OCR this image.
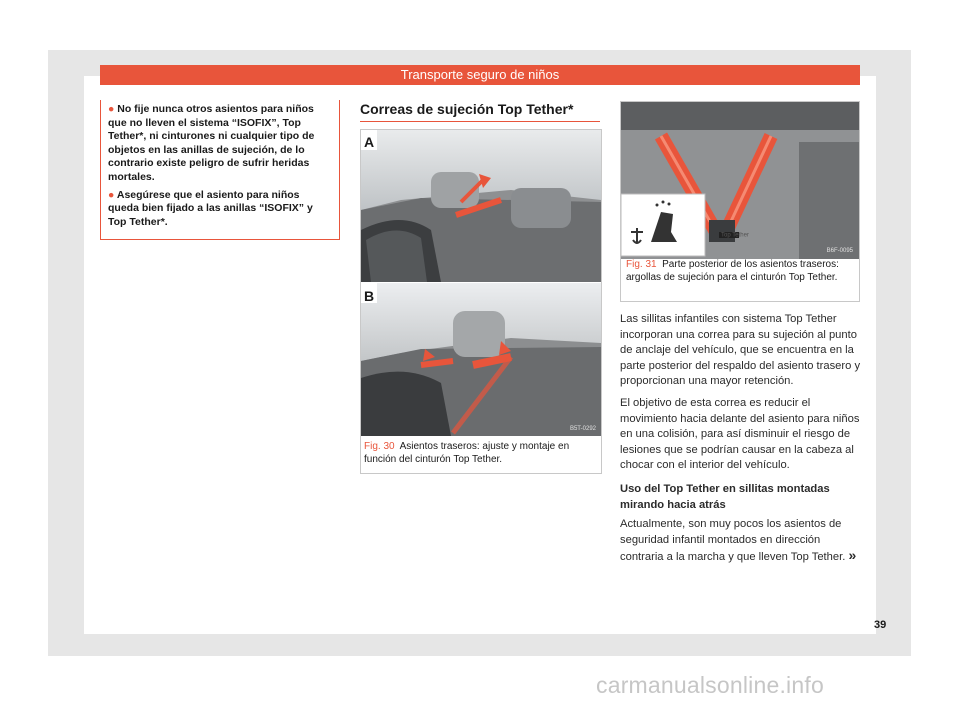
Transporte seguro de niños

● No fije nunca otros asientos para niños que no lleven el sistema “ISOFIX”, Top Tether*, ni cinturones ni cualquier tipo de objetos en las anillas de sujeción, de lo contrario existe peligro de sufrir heridas mortales.

● Asegúrese que el asiento para niños queda bien fijado a las anillas “ISOFIX” y Top Tether*.

Correas de sujeción Top Tether*
A
B
B5T-0292
Fig. 30 Asientos traseros: ajuste y montaje en función del cinturón Top Tether.
Top Tether
B6F-0095
Fig. 31 Parte posterior de los asientos traseros: argollas de sujeción para el cinturón Top Tether.

Las sillitas infantiles con sistema Top Tether incorporan una correa para su sujeción al punto de anclaje del vehículo, que se encuentra en la parte posterior del respaldo del asiento trasero y proporcionan una mayor retención.

El objetivo de esta correa es reducir el movimiento hacia delante del asiento para niños en una colisión, para así disminuir el riesgo de lesiones que se podrían causar en la cabeza al chocar con el interior del vehículo.

Uso del Top Tether en sillitas montadas mirando hacia atrás

Actualmente, son muy pocos los asientos de seguridad infantil montados en dirección contraria a la marcha y que lleven Top Tether. »

39
carmanualsonline.info
